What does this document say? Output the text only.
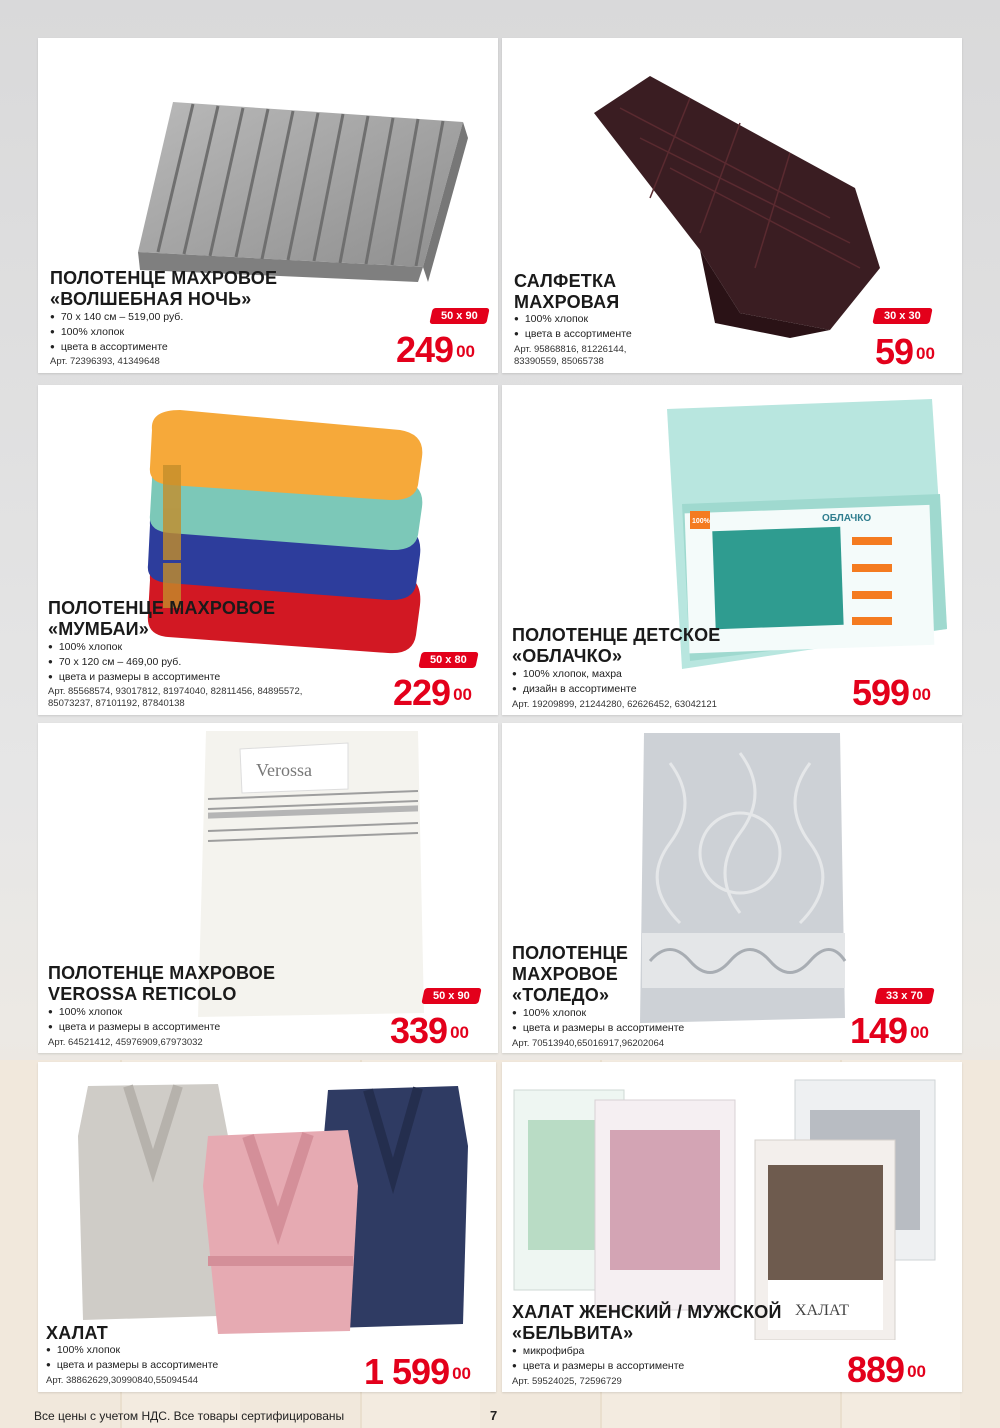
ПОЛОТЕНЦЕ МАХРОВОЕ
«ВОЛШЕБНАЯ НОЧЬ»
● 70 х 140 см – 519,00 руб.
● 100% хлопок
● цвета в ассортименте
Арт. 72396393, 41349648
50 x 90
249 $^{00}$
САЛФЕТКА
МАХРОВАЯ
● 100% хлопок
● цвета в ассортименте
Арт. 95868816, 81226144,
83390559, 85065738
30 x 30
59 $^{00}$
ПОЛОТЕНЦЕ МАХРОВОЕ
«МУМБАИ»
● 100% хлопок
● 70 х 120 см – 469,00 руб.
● цвета и размеры в ассортименте
Арт. 85568574, 93017812, 81974040, 82811456, 84895572,
85073237, 87101192, 87840138
50 x 80
229 $^{00}$
ОБЛАЧКО
100%
ПОЛОТЕНЦЕ ДЕТСКОЕ
«ОБЛАЧКО»
● 100% хлопок, махра
● дизайн в ассортименте
Арт. 19209899, 21244280, 62626452, 63042121	599 $^{00}$
Verossa
ПОЛОТЕНЦЕ МАХРОВОЕ
VEROSSA RETICOLO
● 100% хлопок
● цвета и размеры в ассортименте
Арт. 64521412, 45976909,67973032
50 x 90
339 $^{00}$
ПОЛОТЕНЦЕ
МАХРОВОЕ
«ТОЛЕДО»
● 100% хлопок
● цвета и размеры в ассортименте
Арт. 70513940,65016917,96202064
33 x 70
149 $^{00}$
ХАЛАТ
● 100% хлопок
● цвета и размеры в ассортименте
Арт. 38862629,30990840,55094544	1 599 $^{00}$
ХАЛАТ
ХАЛАТ ЖЕНСКИЙ / МУЖСКОЙ
«БЕЛЬВИТА»
● микрофибра
● цвета и размеры в ассортименте
Арт. 59524025, 72596729	889 $^{00}$
Все цены с учетом НДС. Все товары сертифицированы	7
